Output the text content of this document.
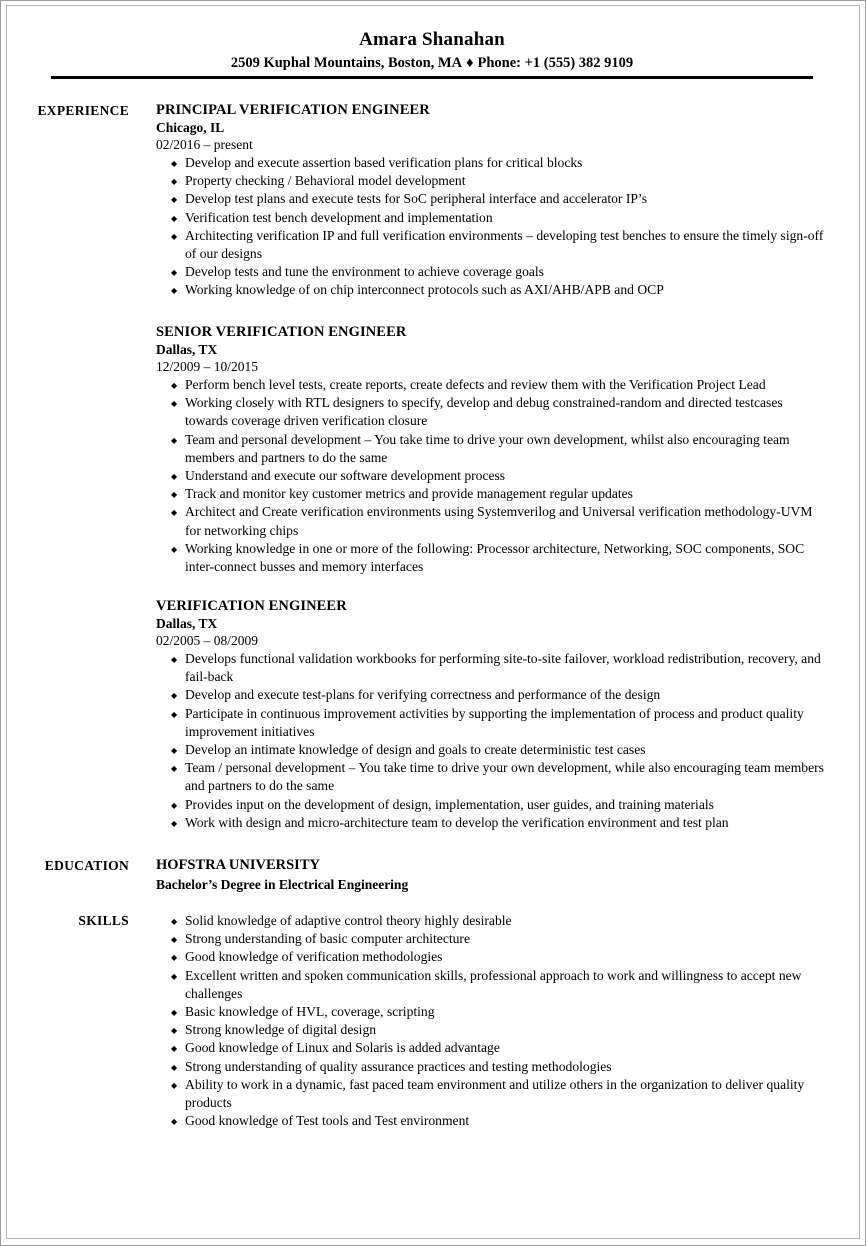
Amara Shanahan
2509 Kuphal Mountains, Boston, MA ♦ Phone: +1 (555) 382 9109
EXPERIENCE PRINCIPAL VERIFICATION ENGINEER
Chicago, IL
02/2016 – present
◆ Develop and execute assertion based verification plans for critical blocks
◆ Property checking / Behavioral model development
◆ Develop test plans and execute tests for SoC peripheral interface and accelerator IP’s
◆ Verification test bench development and implementation
◆ Architecting verification IP and full verification environments – developing test benches to ensure the timely sign-off of our designs
◆ Develop tests and tune the environment to achieve coverage goals
◆ Working knowledge of on chip interconnect protocols such as AXI/AHB/APB and OCP
SENIOR VERIFICATION ENGINEER
Dallas, TX
12/2009 – 10/2015
◆ Perform bench level tests, create reports, create defects and review them with the Verification Project Lead
◆ Working closely with RTL designers to specify, develop and debug constrained-random and directed testcases towards coverage driven verification closure
◆ Team and personal development – You take time to drive your own development, whilst also encouraging team members and partners to do the same
◆ Understand and execute our software development process
◆ Track and monitor key customer metrics and provide management regular updates
◆ Architect and Create verification environments using Systemverilog and Universal verification methodology-UVM for networking chips
◆ Working knowledge in one or more of the following: Processor architecture, Networking, SOC components, SOC inter-connect busses and memory interfaces
VERIFICATION ENGINEER
Dallas, TX
02/2005 – 08/2009
◆ Develops functional validation workbooks for performing site-to-site failover, workload redistribution, recovery, and fail-back
◆ Develop and execute test-plans for verifying correctness and performance of the design
◆ Participate in continuous improvement activities by supporting the implementation of process and product quality improvement initiatives
◆ Develop an intimate knowledge of design and goals to create deterministic test cases
◆ Team / personal development – You take time to drive your own development, while also encouraging team members and partners to do the same
◆ Provides input on the development of design, implementation, user guides, and training materials
◆ Work with design and micro-architecture team to develop the verification environment and test plan
EDUCATION HOFSTRA UNIVERSITY
Bachelor’s Degree in Electrical Engineering
SKILLS	◆ Solid knowledge of adaptive control theory highly desirable
◆ Strong understanding of basic computer architecture
◆ Good knowledge of verification methodologies
◆ Excellent written and spoken communication skills, professional approach to work and willingness to accept new challenges
◆ Basic knowledge of HVL, coverage, scripting
◆ Strong knowledge of digital design
◆ Good knowledge of Linux and Solaris is added advantage
◆ Strong understanding of quality assurance practices and testing methodologies
◆ Ability to work in a dynamic, fast paced team environment and utilize others in the organization to deliver quality products
◆ Good knowledge of Test tools and Test environment
